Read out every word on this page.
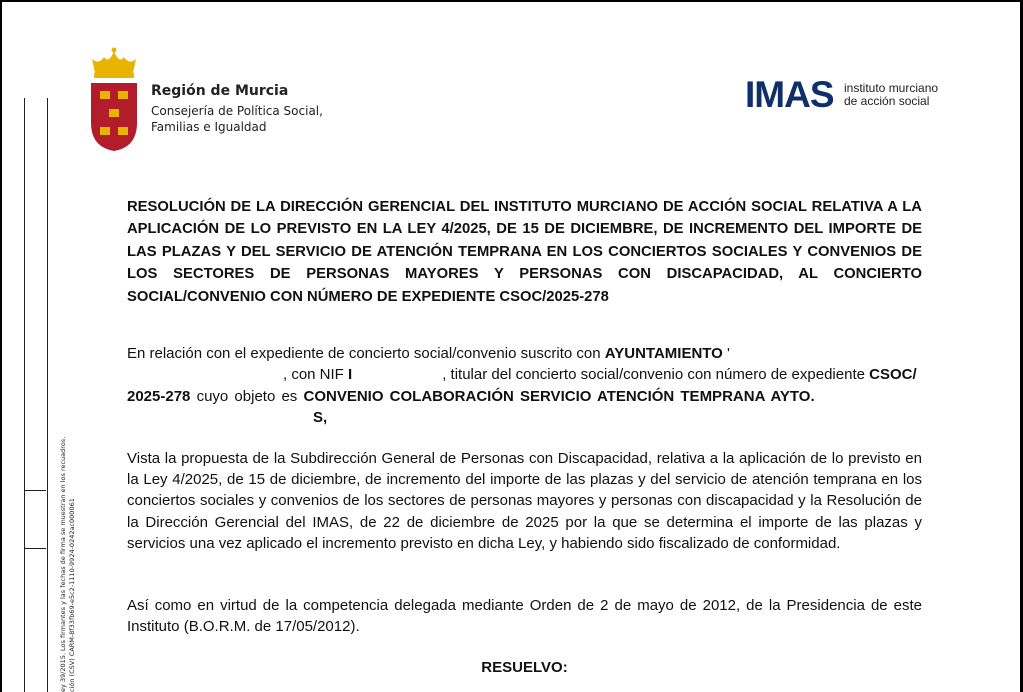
ey 39/2015. Los firmantes y las fechas de firma se muestran en los recuadros. ción (CSV) CARM-8f33fb69-e5c2-1110-9924-0242ac000061
Región de Murcia
Consejería de Política Social,
Familias e Igualdad
IMAS instituto murciano
de acción social
RESOLUCIÓN DE LA DIRECCIÓN GERENCIAL DEL INSTITUTO MURCIANO DE ACCIÓN SOCIAL RELATIVA A LA APLICACIÓN DE LO PREVISTO EN LA LEY 4/2025, DE 15 DE DICIEMBRE, DE INCREMENTO DEL IMPORTE DE LAS PLAZAS Y DEL SERVICIO DE ATENCIÓN TEMPRANA EN LOS CONCIERTOS SOCIALES Y CONVENIOS DE LOS SECTORES DE PERSONAS MAYORES Y PERSONAS CON DISCAPACIDAD, AL CONCIERTO SOCIAL/CONVENIO CON NÚMERO DE EXPEDIENTE CSOC/2025-278
En relación con el expediente de concierto social/convenio suscrito con AYUNTAMIENTO '
, con NIF I	, titular del concierto social/convenio con número de expediente CSOC/
2025-278 cuyo objeto es CONVENIO COLABORACIÓN SERVICIO ATENCIÓN TEMPRANA AYTO.
S,
Vista la propuesta de la Subdirección General de Personas con Discapacidad, relativa a la aplicación de lo previsto en la Ley 4/2025, de 15 de diciembre, de incremento del importe de las plazas y del servicio de atención temprana en los conciertos sociales y convenios de los sectores de personas mayores y personas con discapacidad y la Resolución de la Dirección Gerencial del IMAS, de 22 de diciembre de 2025 por la que se determina el importe de las plazas y servicios una vez aplicado el incremento previsto en dicha Ley, y habiendo sido fiscalizado de conformidad.
Así como en virtud de la competencia delegada mediante Orden de 2 de mayo de 2012, de la Presidencia de este Instituto (B.O.R.M. de 17/05/2012).
RESUELVO:
